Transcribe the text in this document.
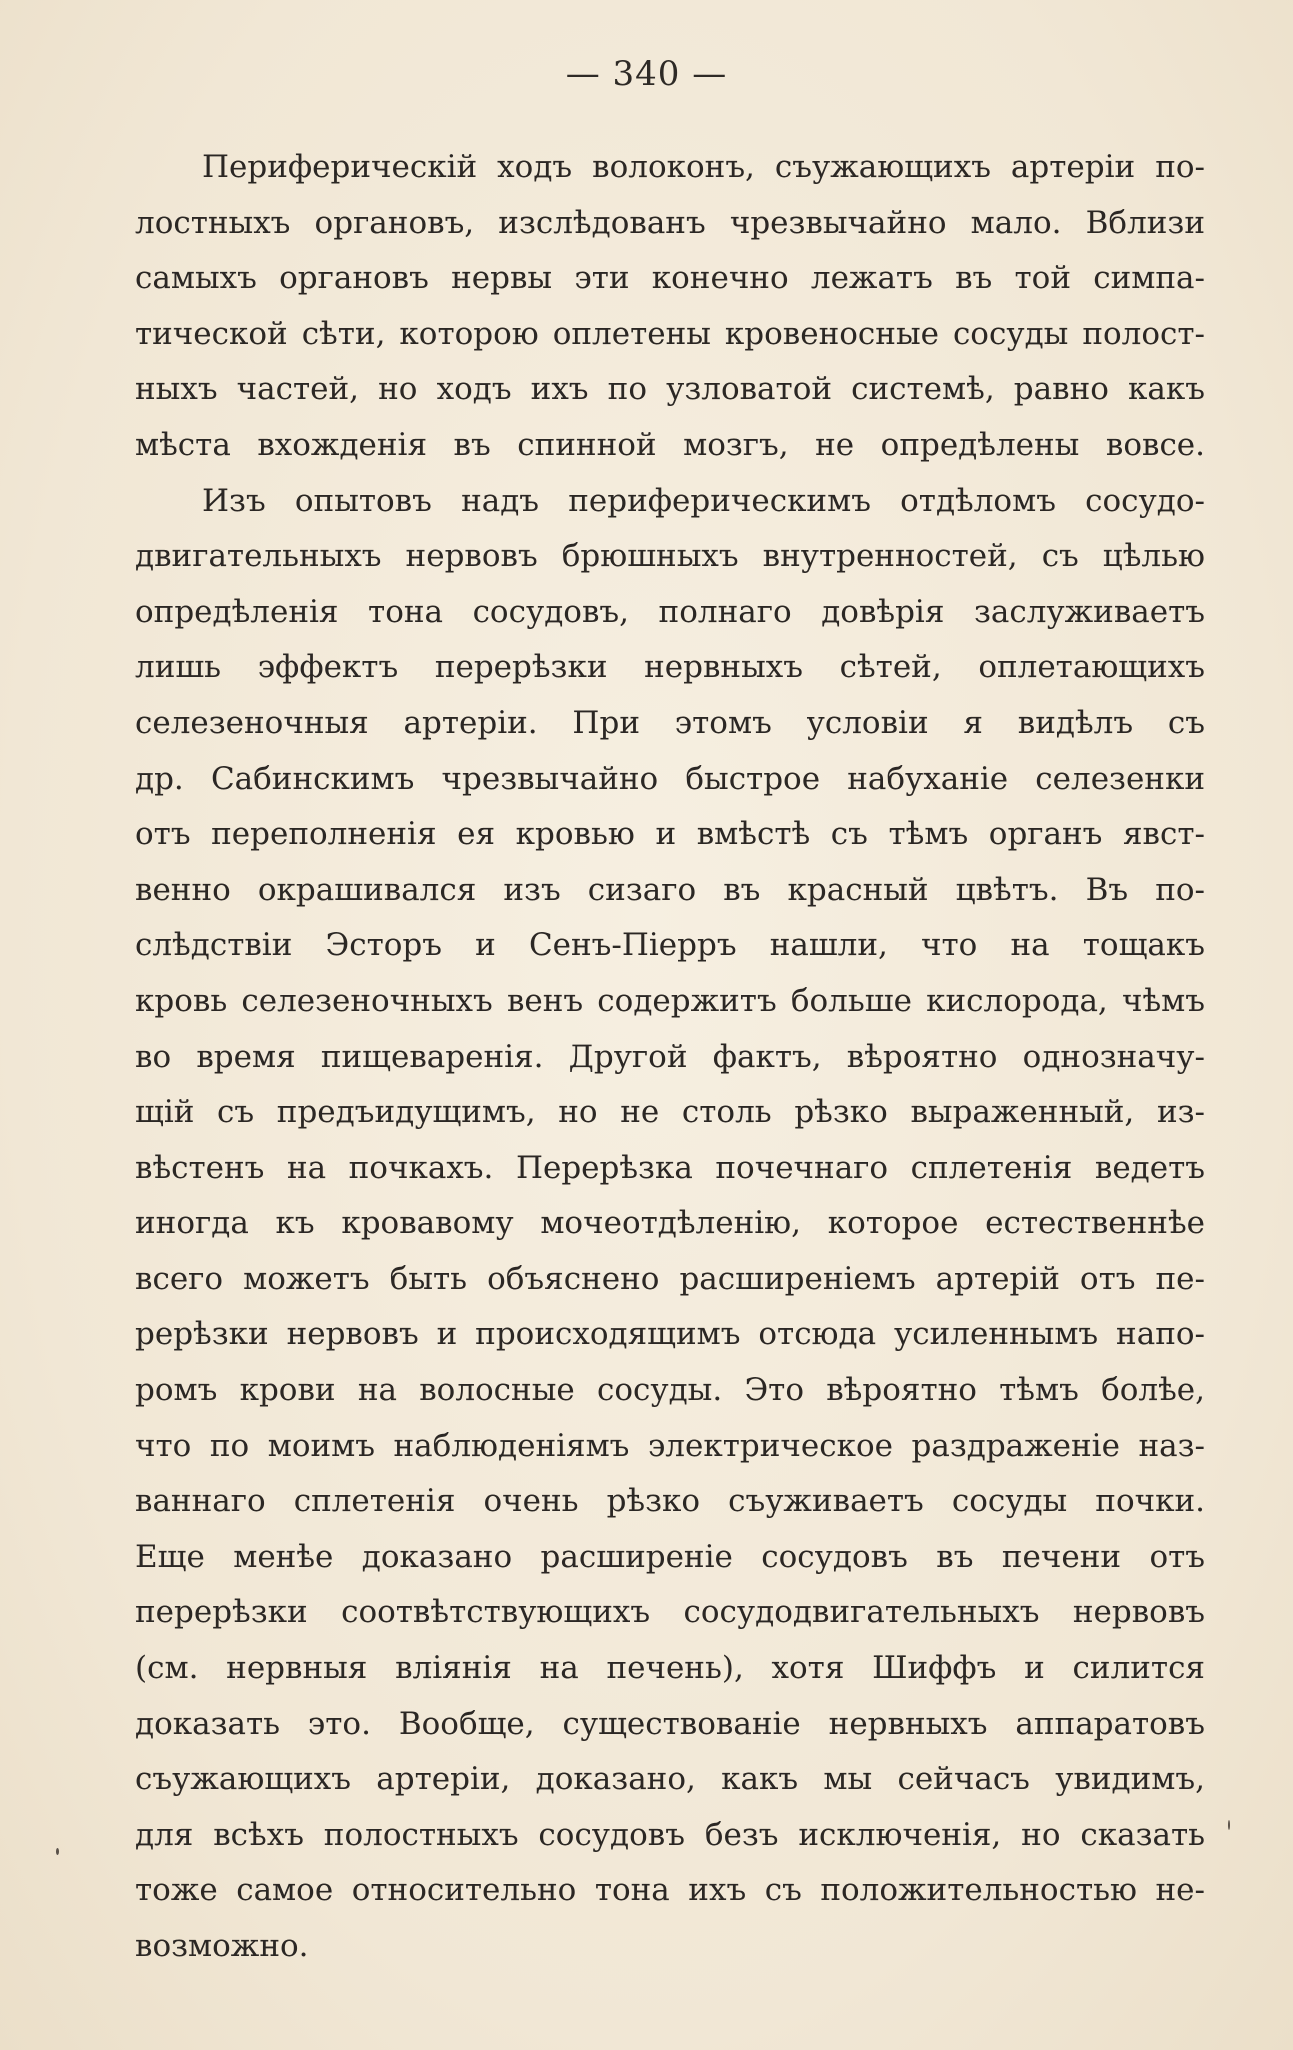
— 340 —
Периферическiй ходъ волоконъ, съужающихъ артерiи по-
лостныхъ органовъ, изслѣдованъ чрезвычайно мало. Вблизи
самыхъ органовъ нервы эти конечно лежатъ въ той симпа-
тической сѣти, которою оплетены кровеносные сосуды полост-
ныхъ частей, но ходъ ихъ по узловатой системѣ, равно какъ
мѣста вхожденiя въ спинной мозгъ, не опредѣлены вовсе.
Изъ опытовъ надъ периферическимъ отдѣломъ сосудо-
двигательныхъ нервовъ брюшныхъ внутренностей, съ цѣлью
опредѣленiя тона сосудовъ, полнаго довѣрiя заслуживаетъ
лишь эффектъ перерѣзки нервныхъ сѣтей, оплетающихъ
селезеночныя артерiи. При этомъ условiи я видѣлъ съ
др. Сабинскимъ чрезвычайно быстрое набуханiе селезенки
отъ переполненiя ея кровью и вмѣстѣ съ тѣмъ органъ явст-
венно окрашивался изъ сизаго въ красный цвѣтъ. Въ по-
слѣдствiи Эсторъ и Сенъ-Пiерръ нашли, что на тощакъ
кровь селезеночныхъ венъ содержитъ больше кислорода, чѣмъ
во время пищеваренiя. Другой фактъ, вѣроятно однозначу-
щiй съ предъидущимъ, но не столь рѣзко выраженный, из-
вѣстенъ на почкахъ. Перерѣзка почечнаго сплетенiя ведетъ
иногда къ кровавому мочеотдѣленiю, которое естественнѣе
всего можетъ быть объяснено расширенiемъ артерiй отъ пе-
рерѣзки нервовъ и происходящимъ отсюда усиленнымъ напо-
ромъ крови на волосные сосуды. Это вѣроятно тѣмъ болѣе,
что по моимъ наблюденiямъ электрическое раздраженiе наз-
ваннаго сплетенiя очень рѣзко съуживаетъ сосуды почки.
Еще менѣе доказано расширенiе сосудовъ въ печени отъ
перерѣзки соотвѣтствующихъ сосудодвигательныхъ нервовъ
(см. нервныя влiянiя на печень), хотя Шиффъ и силится
доказать это. Вообще, существованiе нервныхъ аппаратовъ
съужающихъ артерiи, доказано, какъ мы сейчасъ увидимъ,
для всѣхъ полостныхъ сосудовъ безъ исключенiя, но сказать
тоже самое относительно тона ихъ съ положительностью не-
возможно.
